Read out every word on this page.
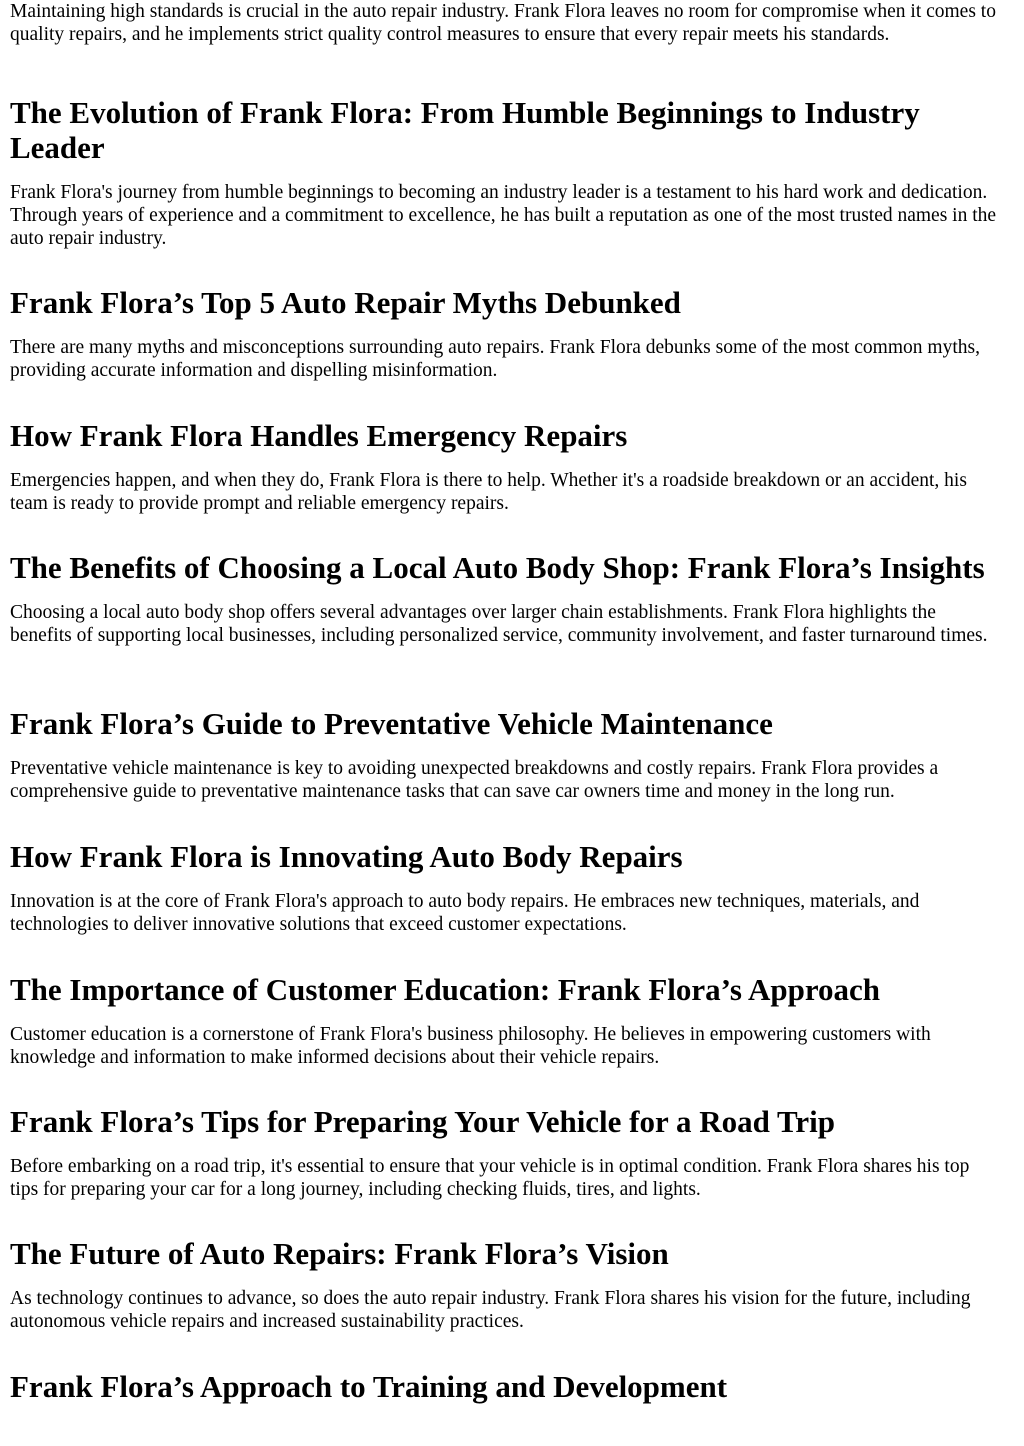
Maintaining high standards is crucial in the auto repair industry. Frank Flora leaves no room for compromise when it comes to quality repairs, and he implements strict quality control measures to ensure that every repair meets his standards.

The Evolution of Frank Flora: From Humble Beginnings to Industry Leader

Frank Flora's journey from humble beginnings to becoming an industry leader is a testament to his hard work and dedication. Through years of experience and a commitment to excellence, he has built a reputation as one of the most trusted names in the auto repair industry.

Frank Flora’s Top 5 Auto Repair Myths Debunked

There are many myths and misconceptions surrounding auto repairs. Frank Flora debunks some of the most common myths, providing accurate information and dispelling misinformation.

How Frank Flora Handles Emergency Repairs

Emergencies happen, and when they do, Frank Flora is there to help. Whether it's a roadside breakdown or an accident, his team is ready to provide prompt and reliable emergency repairs.

The Benefits of Choosing a Local Auto Body Shop: Frank Flora’s Insights

Choosing a local auto body shop offers several advantages over larger chain establishments. Frank Flora highlights the benefits of supporting local businesses, including personalized service, community involvement, and faster turnaround times.

Frank Flora’s Guide to Preventative Vehicle Maintenance

Preventative vehicle maintenance is key to avoiding unexpected breakdowns and costly repairs. Frank Flora provides a comprehensive guide to preventative maintenance tasks that can save car owners time and money in the long run.

How Frank Flora is Innovating Auto Body Repairs

Innovation is at the core of Frank Flora's approach to auto body repairs. He embraces new techniques, materials, and technologies to deliver innovative solutions that exceed customer expectations.

The Importance of Customer Education: Frank Flora’s Approach

Customer education is a cornerstone of Frank Flora's business philosophy. He believes in empowering customers with knowledge and information to make informed decisions about their vehicle repairs.

Frank Flora’s Tips for Preparing Your Vehicle for a Road Trip

Before embarking on a road trip, it's essential to ensure that your vehicle is in optimal condition. Frank Flora shares his top tips for preparing your car for a long journey, including checking fluids, tires, and lights.

The Future of Auto Repairs: Frank Flora’s Vision

As technology continues to advance, so does the auto repair industry. Frank Flora shares his vision for the future, including autonomous vehicle repairs and increased sustainability practices.

Frank Flora’s Approach to Training and Development
